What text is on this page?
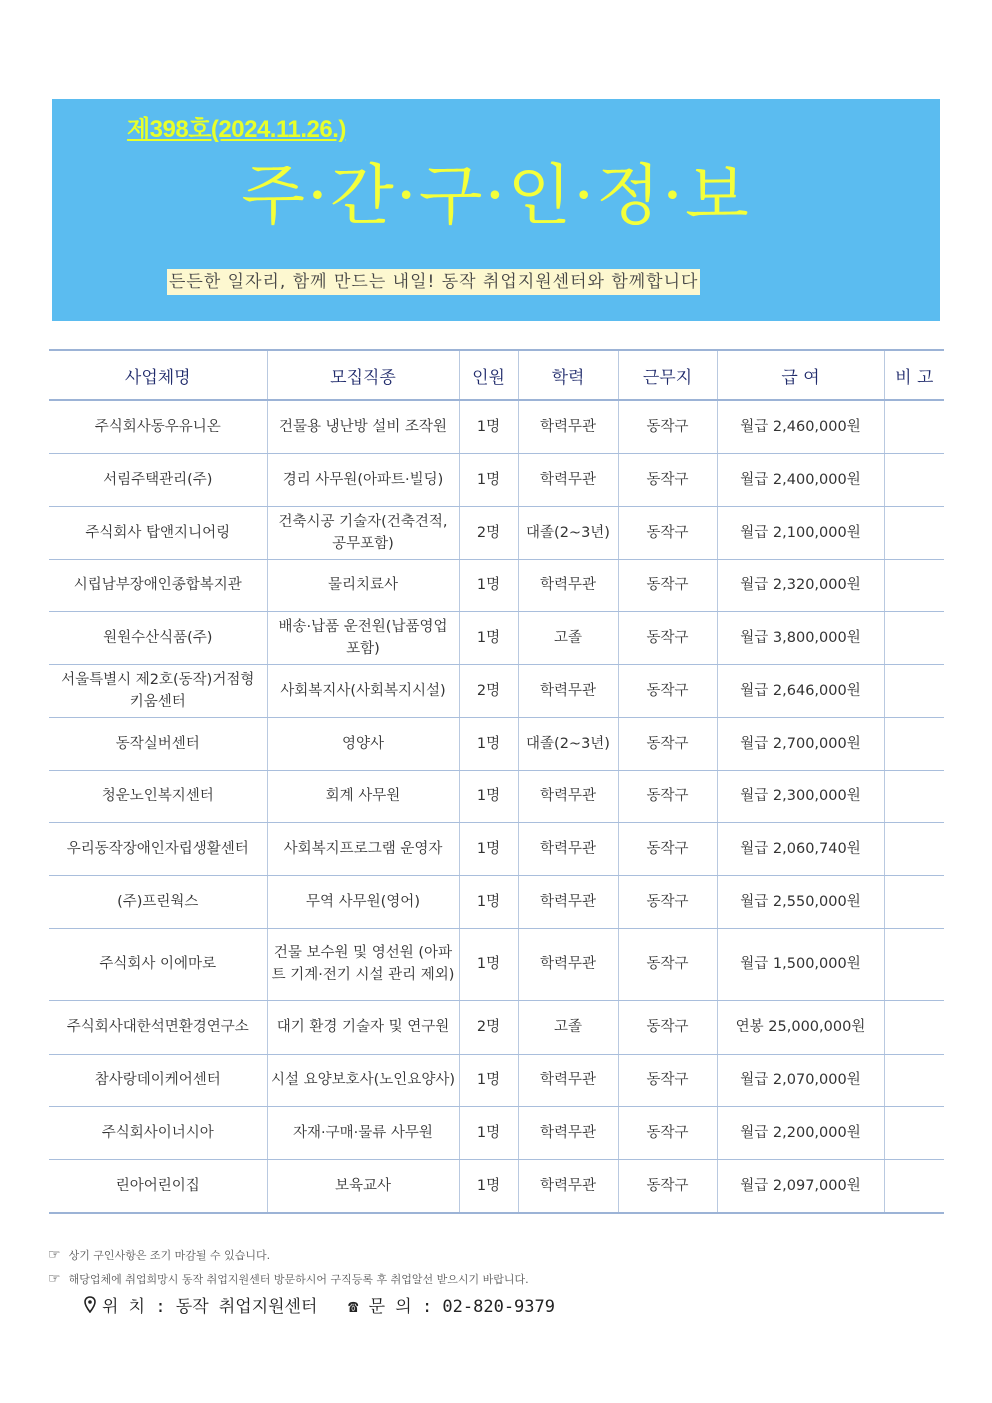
제398호(2024.11.26.)
주·간·구·인·정·보
든든한 일자리, 함께 만드는 내일! 동작 취업지원센터와 함께합니다
사업체명	모집직종	인원	학력	근무지	급 여	비 고
주식회사동우유니온	건물용 냉난방 설비 조작원	1명	학력무관	동작구	월급 2,460,000원	
서림주택관리(주)	경리 사무원(아파트·빌딩)	1명	학력무관	동작구	월급 2,400,000원	
주식회사 탑앤지니어링	건축시공 기술자(건축견적, 공무포함)	2명	대졸(2~3년)	동작구	월급 2,100,000원	
시립남부장애인종합복지관	물리치료사	1명	학력무관	동작구	월급 2,320,000원	
원원수산식품(주)	배송·납품 운전원(납품영업 포함)	1명	고졸	동작구	월급 3,800,000원	
서울특별시 제2호(동작)거점형 키움센터	사회복지사(사회복지시설)	2명	학력무관	동작구	월급 2,646,000원	
동작실버센터	영양사	1명	대졸(2~3년)	동작구	월급 2,700,000원	
청운노인복지센터	회계 사무원	1명	학력무관	동작구	월급 2,300,000원	
우리동작장애인자립생활센터	사회복지프로그램 운영자	1명	학력무관	동작구	월급 2,060,740원	
(주)프린웍스	무역 사무원(영어)	1명	학력무관	동작구	월급 2,550,000원	
주식회사 이에마로	건물 보수원 및 영선원 (아파트 기계·전기 시설 관리 제외)	1명	학력무관	동작구	월급 1,500,000원	
주식회사대한석면환경연구소	대기 환경 기술자 및 연구원	2명	고졸	동작구	연봉 25,000,000원	
참사랑데이케어센터	시설 요양보호사(노인요양사)	1명	학력무관	동작구	월급 2,070,000원	
주식회사이너시아	자재·구매·물류 사무원	1명	학력무관	동작구	월급 2,200,000원	
린아어린이집	보육교사	1명	학력무관	동작구	월급 2,097,000원	
☞ 상기 구인사항은 조기 마감될 수 있습니다.
☞ 해당업체에 취업희망시 동작 취업지원센터 방문하시어 구직등록 후 취업알선 받으시기 바랍니다.
위 치 : 동작 취업지원센터 ☎ 문 의 : 02-820-9379
